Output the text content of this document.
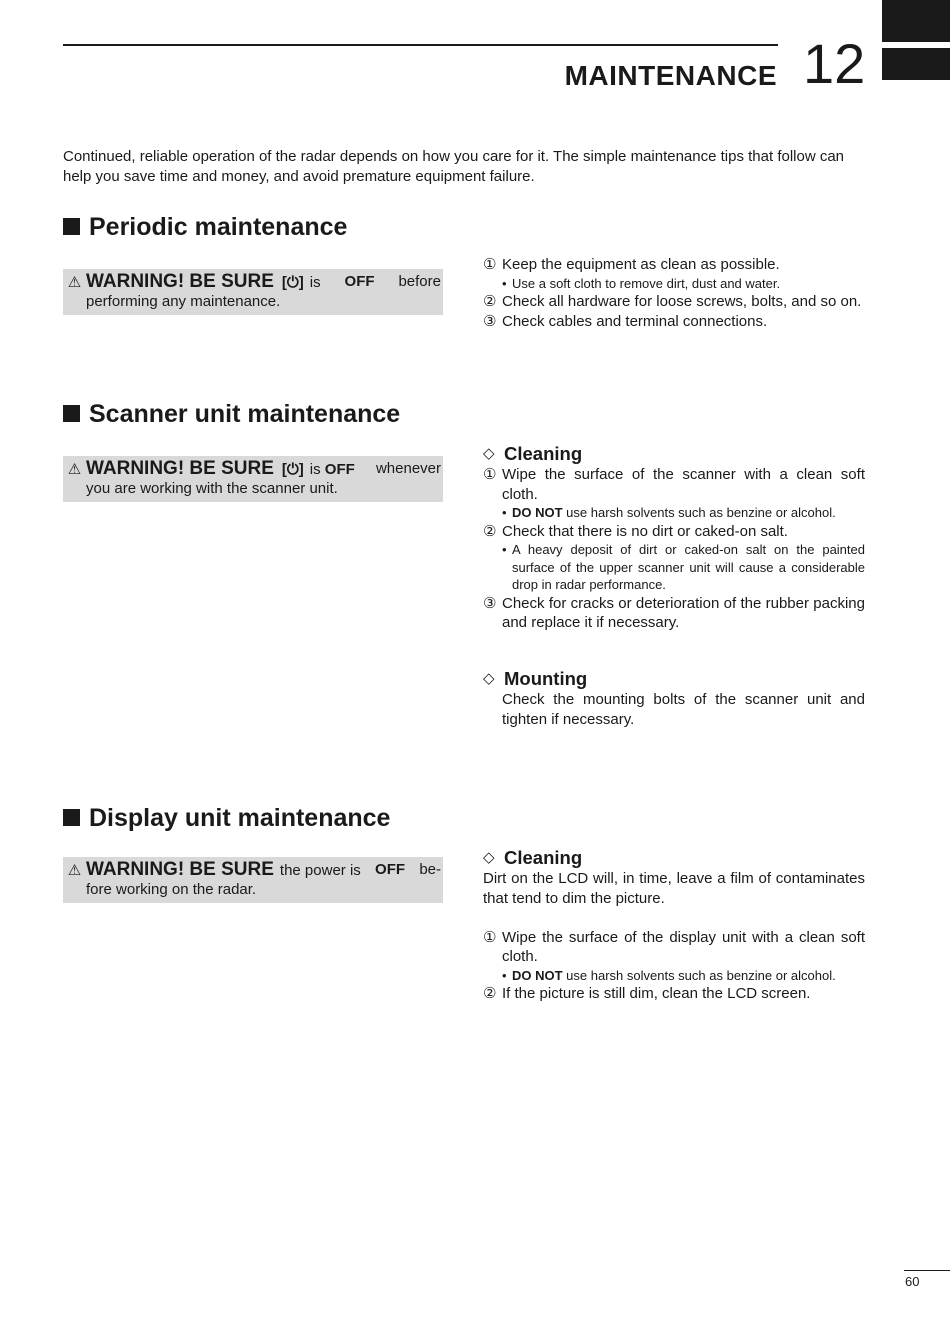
MAINTENANCE 12
Continued, reliable operation of the radar depends on how you care for it. The simple maintenance tips that follow can help you save time and money, and avoid premature equipment failure.
Periodic maintenance
⚠ WARNING! BE SURE [⏻] is OFF before
performing any maintenance.
① Keep the equipment as clean as possible.
• Use a soft cloth to remove dirt, dust and water.
② Check all hardware for loose screws, bolts, and so on.
③ Check cables and terminal connections.
Scanner unit maintenance
⚠ WARNING! BE SURE [⏻] is OFF whenever
you are working with the scanner unit.
◇ Cleaning
① Wipe the surface of the scanner with a clean soft cloth.
• DO NOT use harsh solvents such as benzine or alcohol.
② Check that there is no dirt or caked-on salt.
• A heavy deposit of dirt or caked-on salt on the painted surface of the upper scanner unit will cause a considerable drop in radar performance.
③ Check for cracks or deterioration of the rubber packing and replace it if necessary.
◇ Mounting
Check the mounting bolts of the scanner unit and tighten if necessary.
Display unit maintenance
⚠ WARNING! BE SURE the power is OFF be-
fore working on the radar.
◇ Cleaning
Dirt on the LCD will, in time, leave a film of contaminates that tend to dim the picture.
① Wipe the surface of the display unit with a clean soft cloth.
• DO NOT use harsh solvents such as benzine or alcohol.
② If the picture is still dim, clean the LCD screen.
60
